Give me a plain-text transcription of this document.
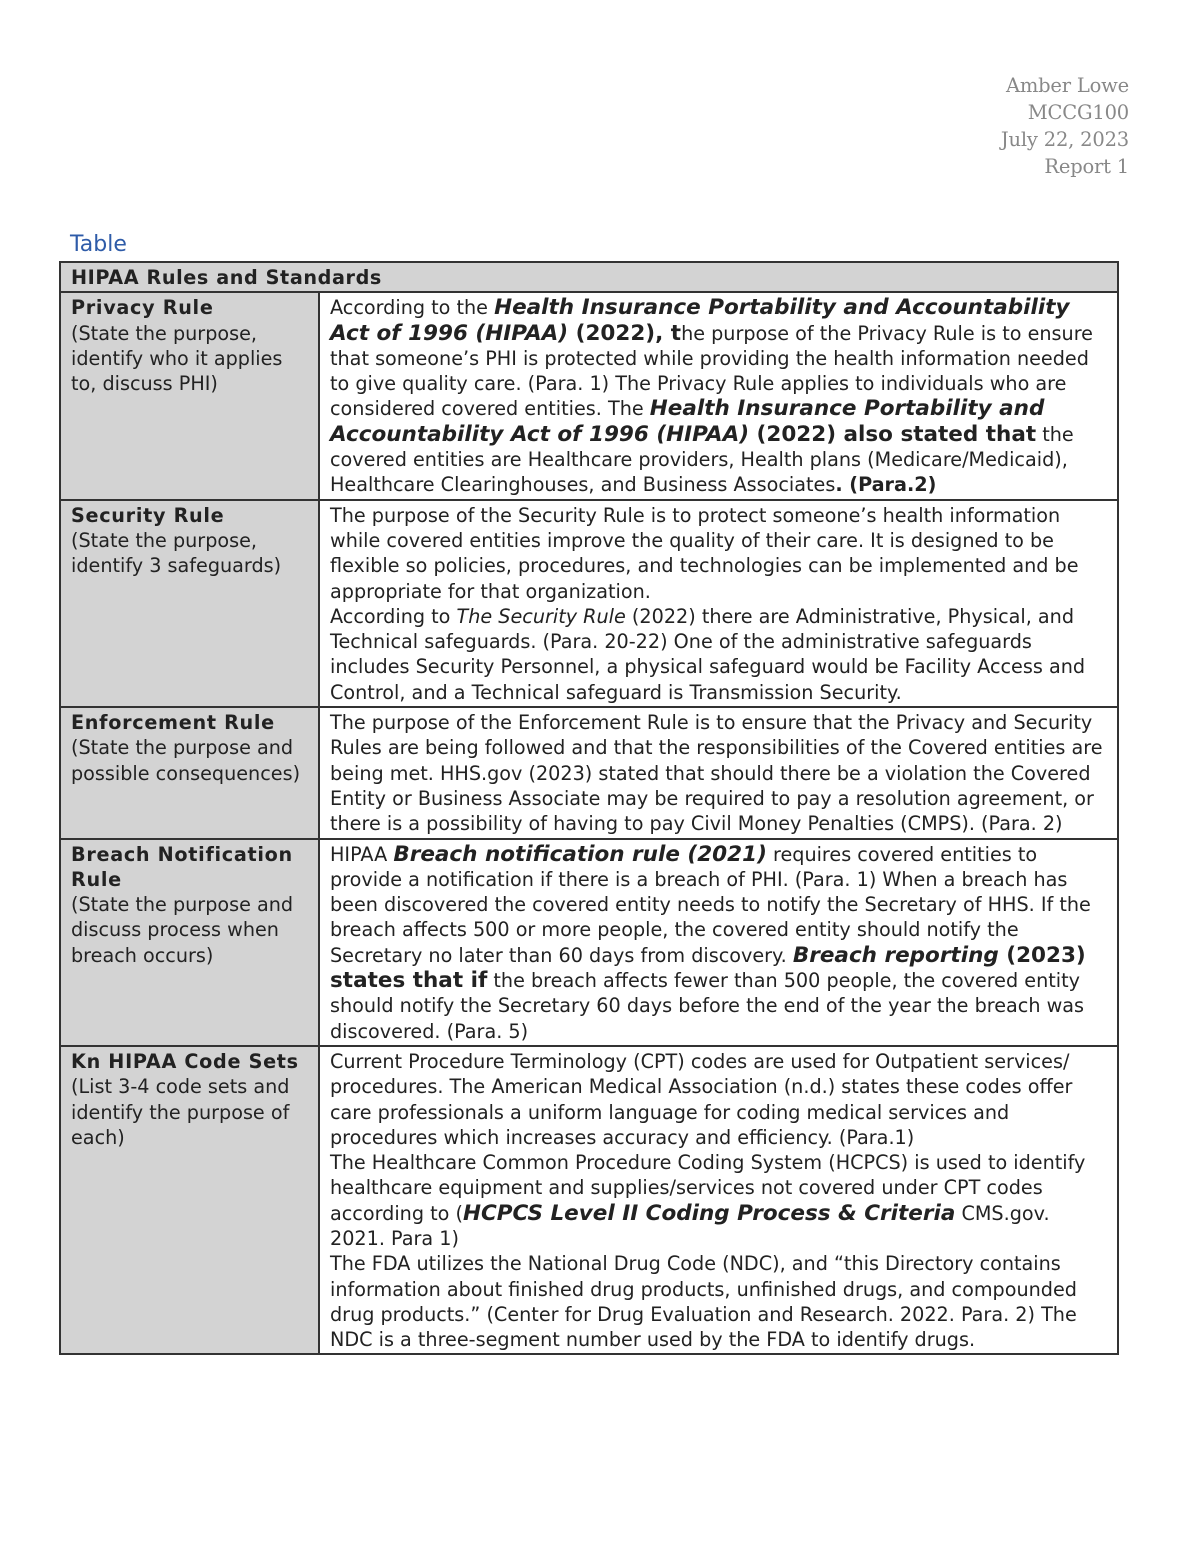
Amber Lowe
MCCG100
July 22, 2023
Report 1
Table
HIPAA Rules and Standards	

Privacy Rule
(State the purpose, identify who it applies to, discuss PHI)	According to the Health Insurance Portability and Accountability Act of 1996 (HIPAA) (2022), the purpose of the Privacy Rule is to ensure that someone’s PHI is protected while providing the health information needed to give quality care. (Para. 1) The Privacy Rule applies to individuals who are considered covered entities. The Health Insurance Portability and Accountability Act of 1996 (HIPAA) (2022) also stated that the covered entities are Healthcare providers, Health plans (Medicare/Medicaid), Healthcare Clearinghouses, and Business Associates. (Para.2)

Security Rule
(State the purpose, identify 3 safeguards)	The purpose of the Security Rule is to protect someone’s health information while covered entities improve the quality of their care. It is designed to be flexible so policies, procedures, and technologies can be implemented and be appropriate for that organization.
According to The Security Rule (2022) there are Administrative, Physical, and Technical safeguards. (Para. 20-22) One of the administrative safeguards includes Security Personnel, a physical safeguard would be Facility Access and Control, and a Technical safeguard is Transmission Security.

Enforcement Rule
(State the purpose and possible consequences)	The purpose of the Enforcement Rule is to ensure that the Privacy and Security Rules are being followed and that the responsibilities of the Covered entities are being met. HHS.gov (2023) stated that should there be a violation the Covered Entity or Business Associate may be required to pay a resolution agreement, or there is a possibility of having to pay Civil Money Penalties (CMPS). (Para. 2)

Breach Notification Rule
(State the purpose and discuss process when breach occurs)	HIPAA Breach notification rule (2021) requires covered entities to provide a notification if there is a breach of PHI. (Para. 1) When a breach has been discovered the covered entity needs to notify the Secretary of HHS. If the breach affects 500 or more people, the covered entity should notify the Secretary no later than 60 days from discovery. Breach reporting (2023) states that if the breach affects fewer than 500 people, the covered entity should notify the Secretary 60 days before the end of the year the breach was discovered. (Para. 5)

Kn HIPAA Code Sets
(List 3-4 code sets and identify the purpose of each)	Current Procedure Terminology (CPT) codes are used for Outpatient services/ procedures. The American Medical Association (n.d.) states these codes offer care professionals a uniform language for coding medical services and procedures which increases accuracy and efficiency. (Para.1)
The Healthcare Common Procedure Coding System (HCPCS) is used to identify healthcare equipment and supplies/services not covered under CPT codes according to (HCPCS Level II Coding Process & Criteria CMS.gov. 2021. Para 1)
The FDA utilizes the National Drug Code (NDC), and “this Directory contains information about finished drug products, unfinished drugs, and compounded drug products.” (Center for Drug Evaluation and Research. 2022. Para. 2) The NDC is a three-segment number used by the FDA to identify drugs.
